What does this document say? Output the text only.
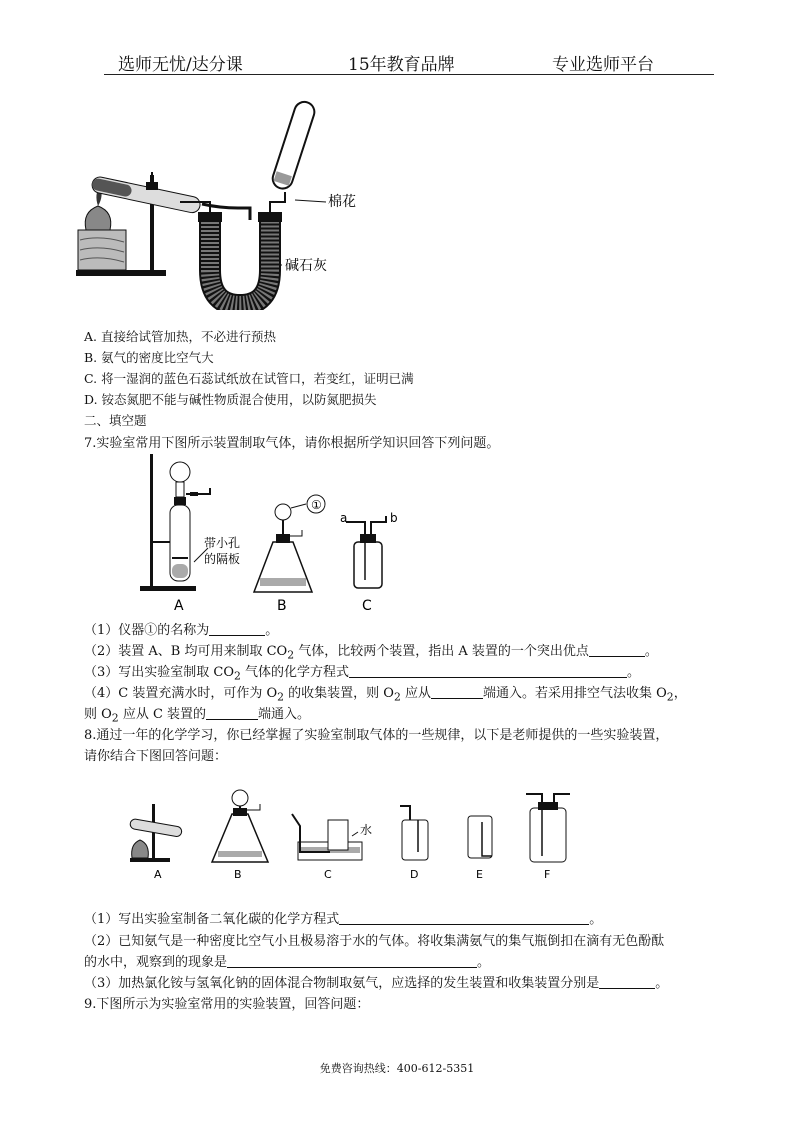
选师无忧/达分课	15年教育品牌	专业选师平台
棉花
碱石灰
A. 直接给试管加热，不必进行预热
B. 氨气的密度比空气大
C. 将一湿润的蓝色石蕊试纸放在试管口，若变红，证明已满
D. 铵态氮肥不能与碱性物质混合使用，以防氮肥损失
二、填空题
7.实验室常用下图所示装置制取气体，请你根据所学知识回答下列问题。
带小孔
的隔板
A
①
B
a	b
C
（1）仪器①的名称为	。
（2）装置 A、B 均可用来制取 $CO_2$ 气体，比较两个装置，指出 A 装置的一个突出优点	。
（3）写出实验室制取 $CO_2$ 气体的化学方程式	。
（4）C 装置充满水时，可作为 $O_2$ 的收集装置，则 $O_2$ 应从	端通入。若采用排空气法收集 $O_2$，
则 $O_2$ 应从 C 装置的	端通入。
8.通过一年的化学学习，你已经掌握了实验室制取气体的一些规律，以下是老师提供的一些实验装置，
请你结合下图回答问题：
A	B
水
C	D	E	F
（1）写出实验室制备二氧化碳的化学方程式	。
（2）已知氨气是一种密度比空气小且极易溶于水的气体。将收集满氨气的集气瓶倒扣在滴有无色酚酞
的水中，观察到的现象是	。
（3）加热氯化铵与氢氧化钠的固体混合物制取氨气，应选择的发生装置和收集装置分别是	。
9.下图所示为实验室常用的实验装置，回答问题：
免费咨询热线：400-612-5351
